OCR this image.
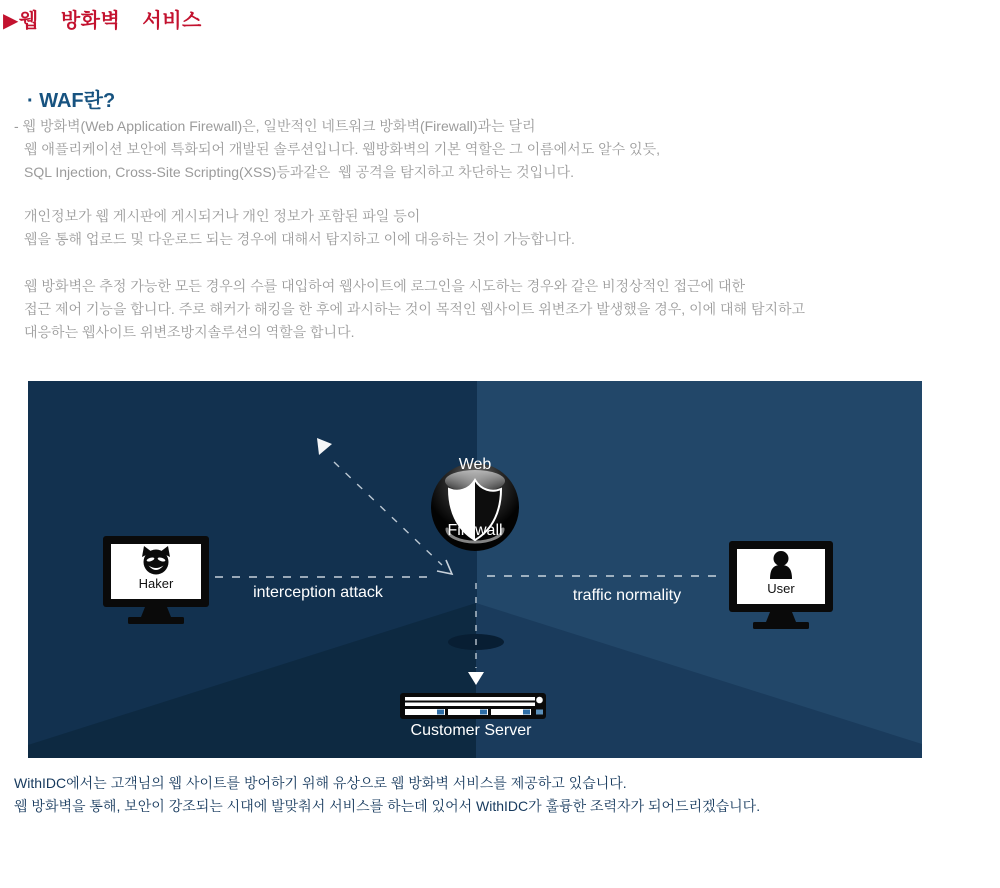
▶웹  방화벽  서비스
· WAF란?
- 웹 방화벽(Web Application Firewall)은, 일반적인 네트워크 방화벽(Firewall)과는 달리
웹 애플리케이션 보안에 특화되어 개발된 솔루션입니다. 웹방화벽의 기본 역할은 그 이름에서도 알수 있듯,
SQL Injection, Cross-Site Scripting(XSS)등과같은  웹 공격을 탐지하고 차단하는 것입니다.
개인정보가 웹 게시판에 게시되거나 개인 정보가 포함된 파일 등이
웹을 통해 업로드 및 다운로드 되는 경우에 대해서 탐지하고 이에 대응하는 것이 가능합니다.
웹 방화벽은 추정 가능한 모든 경우의 수를 대입하여 웹사이트에 로그인을 시도하는 경우와 같은 비정상적인 접근에 대한
접근 제어 기능을 합니다. 주로 해커가 해킹을 한 후에 과시하는 것이 목적인 웹사이트 위변조가 발생했을 경우, 이에 대해 탐지하고
대응하는 웹사이트 위변조방지솔루션의 역할을 합니다.

Web

Firewall

interception attack	traffic normality
Haker	User
Customer Server
WithIDC에서는 고객님의 웹 사이트를 방어하기 위해 유상으로 웹 방화벽 서비스를 제공하고 있습니다.
웹 방화벽을 통해, 보안이 강조되는 시대에 발맞춰서 서비스를 하는데 있어서 WithIDC가 훌륭한 조력자가 되어드리겠습니다.
